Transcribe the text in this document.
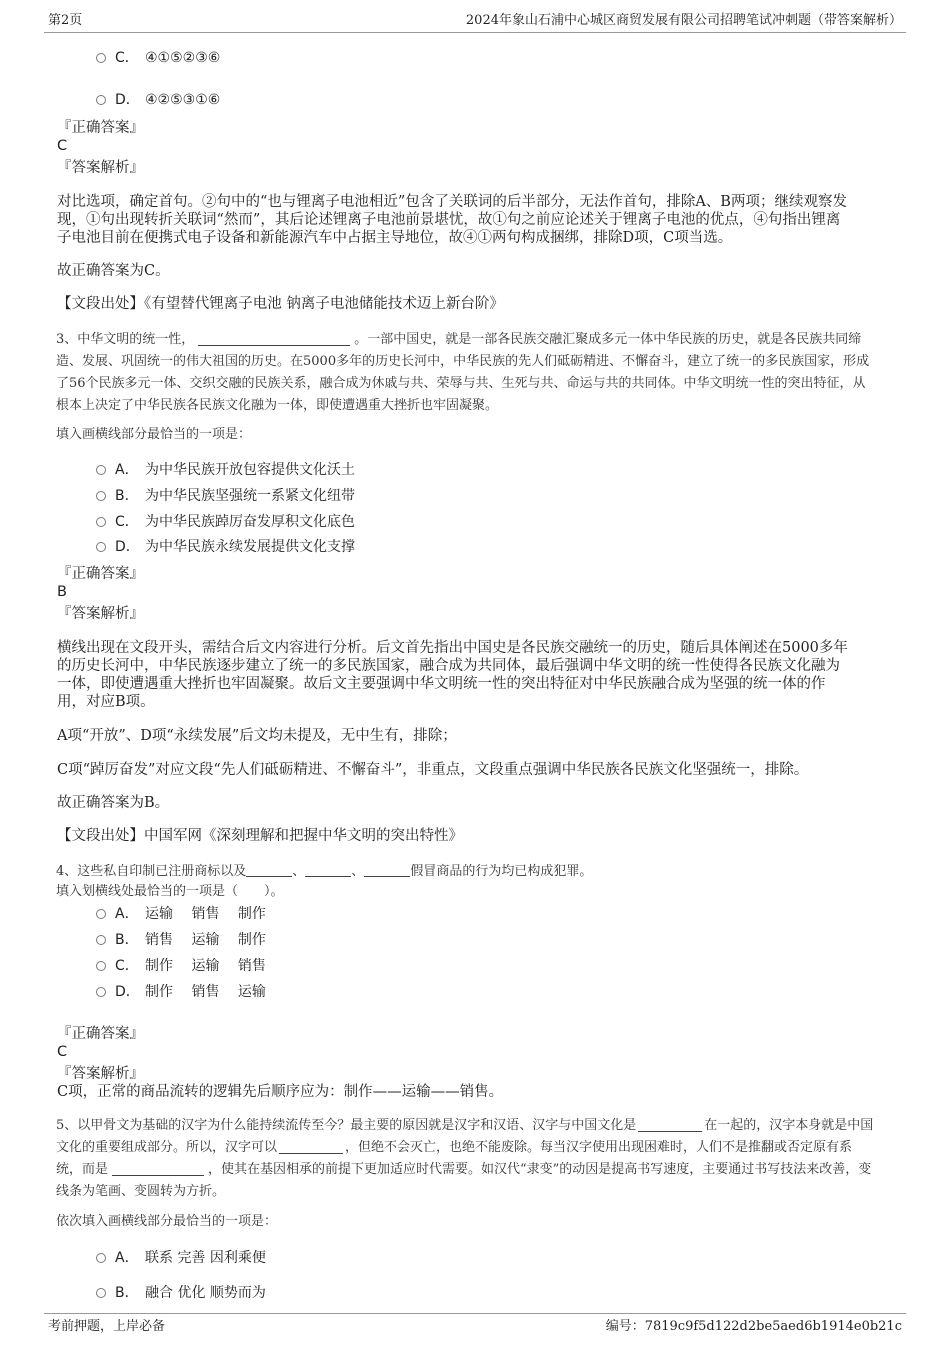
第2页	2024年象山石浦中心城区商贸发展有限公司招聘笔试冲刺题（带答案解析）
C． ④①⑤②③⑥
D． ④②⑤③①⑥
『正确答案』
C
『答案解析』
对比选项，确定首句。②句中的“也与锂离子电池相近”包含了关联词的后半部分，无法作首句，排除A、B两项；继续观察发
现，①句出现转折关联词“然而”，其后论述锂离子电池前景堪忧，故①句之前应论述关于锂离子电池的优点，④句指出锂离
子电池目前在便携式电子设备和新能源汽车中占据主导地位，故④①两句构成捆绑，排除D项，C项当选。
故正确答案为C。
【文段出处】《有望替代锂离子电池 钠离子电池储能技术迈上新台阶》
3、中华文明的统一性，	。一部中国史，就是一部各民族交融汇聚成多元一体中华民族的历史，就是各民族共同缔
造、发展、巩固统一的伟大祖国的历史。在5000多年的历史长河中，中华民族的先人们砥砺精进、不懈奋斗，建立了统一的多民族国家，形成
了56个民族多元一体、交织交融的民族关系，融合成为休戚与共、荣辱与共、生死与共、命运与共的共同体。中华文明统一性的突出特征，从
根本上决定了中华民族各民族文化融为一体，即使遭遇重大挫折也牢固凝聚。
填入画横线部分最恰当的一项是：
A． 为中华民族开放包容提供文化沃土
B． 为中华民族坚强统一系紧文化纽带
C． 为中华民族踔厉奋发厚积文化底色
D． 为中华民族永续发展提供文化支撑
『正确答案』
B
『答案解析』
横线出现在文段开头，需结合后文内容进行分析。后文首先指出中国史是各民族交融统一的历史，随后具体阐述在5000多年
的历史长河中，中华民族逐步建立了统一的多民族国家，融合成为共同体，最后强调中华文明的统一性使得各民族文化融为
一体，即使遭遇重大挫折也牢固凝聚。故后文主要强调中华文明统一性的突出特征对中华民族融合成为坚强的统一体的作
用，对应B项。
A项“开放”、D项“永续发展”后文均未提及，无中生有，排除；
C项“踔厉奋发”对应文段“先人们砥砺精进、不懈奋斗”，非重点，文段重点强调中华民族各民族文化坚强统一，排除。
故正确答案为B。
【文段出处】中国军网《深刻理解和把握中华文明的突出特性》
4、这些私自印制已注册商标以及	、	、	假冒商品的行为均已构成犯罪。
填入划横线处最恰当的一项是（　　）。
A． 运输　 销售　 制作
B． 销售　 运输　 制作
C． 制作　 运输　 销售
D． 制作　 销售　 运输
『正确答案』
C
『答案解析』
C项，正常的商品流转的逻辑先后顺序应为：制作——运输——销售。
5、以甲骨文为基础的汉字为什么能持续流传至今？最主要的原因就是汉字和汉语、汉字与中国文化是	在一起的，汉字本身就是中国
文化的重要组成部分。所以，汉字可以	，但绝不会灭亡，也绝不能废除。每当汉字使用出现困难时，人们不是推翻或否定原有系
统，而是	，使其在基因相承的前提下更加适应时代需要。如汉代“隶变”的动因是提高书写速度，主要通过书写技法来改善，变
线条为笔画、变圆转为方折。
依次填入画横线部分最恰当的一项是：
A． 联系 完善 因利乘便
B． 融合 优化 顺势而为
考前押题，上岸必备	编号：7819c9f5d122d2be5aed6b1914e0b21c
